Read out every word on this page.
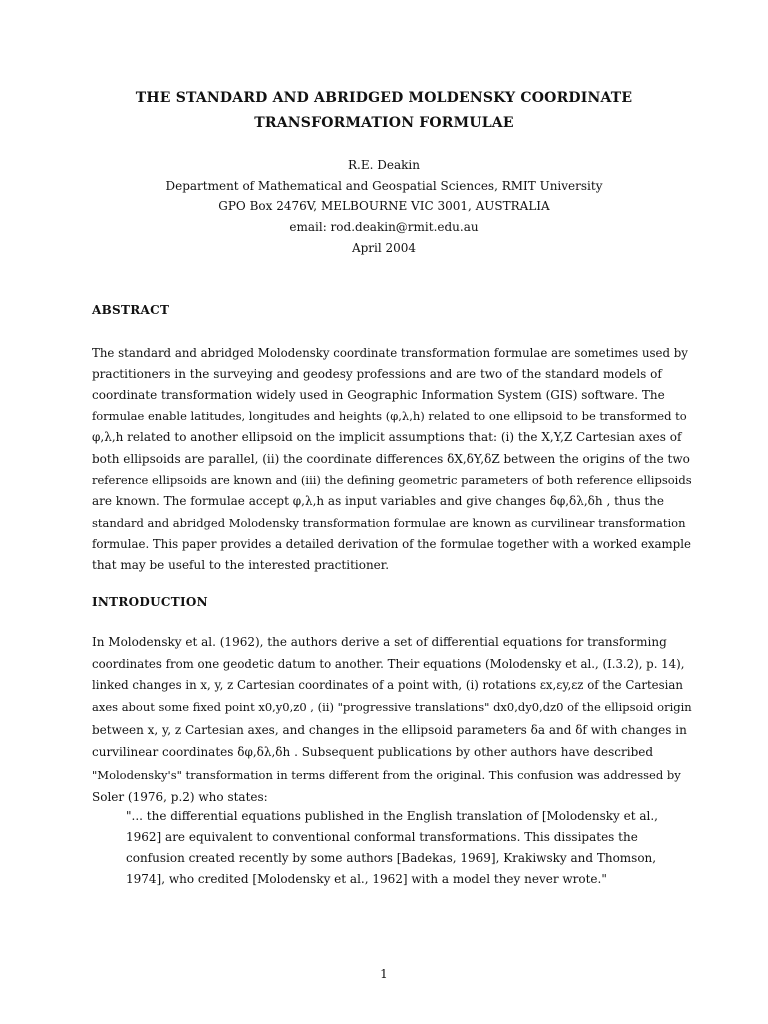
THE STANDARD AND ABRIDGED MOLDENSKY COORDINATE
TRANSFORMATION FORMULAE
R.E. Deakin
Department of Mathematical and Geospatial Sciences, RMIT University
GPO Box 2476V, MELBOURNE VIC 3001, AUSTRALIA
email: rod.deakin@rmit.edu.au
April 2004
ABSTRACT
The standard and abridged Molodensky coordinate transformation formulae are sometimes used by
practitioners in the surveying and geodesy professions and are two of the standard models of
coordinate transformation widely used in Geographic Information System (GIS) software. The
formulae enable latitudes, longitudes and heights (φ,λ,h) related to one ellipsoid to be transformed to
φ,λ,h related to another ellipsoid on the implicit assumptions that: (i) the X,Y,Z Cartesian axes of
both ellipsoids are parallel, (ii) the coordinate differences δX,δY,δZ between the origins of the two
reference ellipsoids are known and (iii) the defining geometric parameters of both reference ellipsoids
are known. The formulae accept φ,λ,h as input variables and give changes δφ,δλ,δh , thus the
standard and abridged Molodensky transformation formulae are known as curvilinear transformation
formulae. This paper provides a detailed derivation of the formulae together with a worked example
that may be useful to the interested practitioner.
INTRODUCTION
In Molodensky et al. (1962), the authors derive a set of differential equations for transforming
coordinates from one geodetic datum to another. Their equations (Molodensky et al., (I.3.2), p. 14),
linked changes in x, y, z Cartesian coordinates of a point with, (i) rotations εx,εy,εz of the Cartesian
axes about some fixed point x0,y0,z0 , (ii) "progressive translations" dx0,dy0,dz0 of the ellipsoid origin
between x, y, z Cartesian axes, and changes in the ellipsoid parameters δa and δf with changes in
curvilinear coordinates δφ,δλ,δh . Subsequent publications by other authors have described
"Molodensky's" transformation in terms different from the original. This confusion was addressed by
Soler (1976, p.2) who states:
"... the differential equations published in the English translation of [Molodensky et al.,
1962] are equivalent to conventional conformal transformations. This dissipates the
confusion created recently by some authors [Badekas, 1969], Krakiwsky and Thomson,
1974], who credited [Molodensky et al., 1962] with a model they never wrote."
1
